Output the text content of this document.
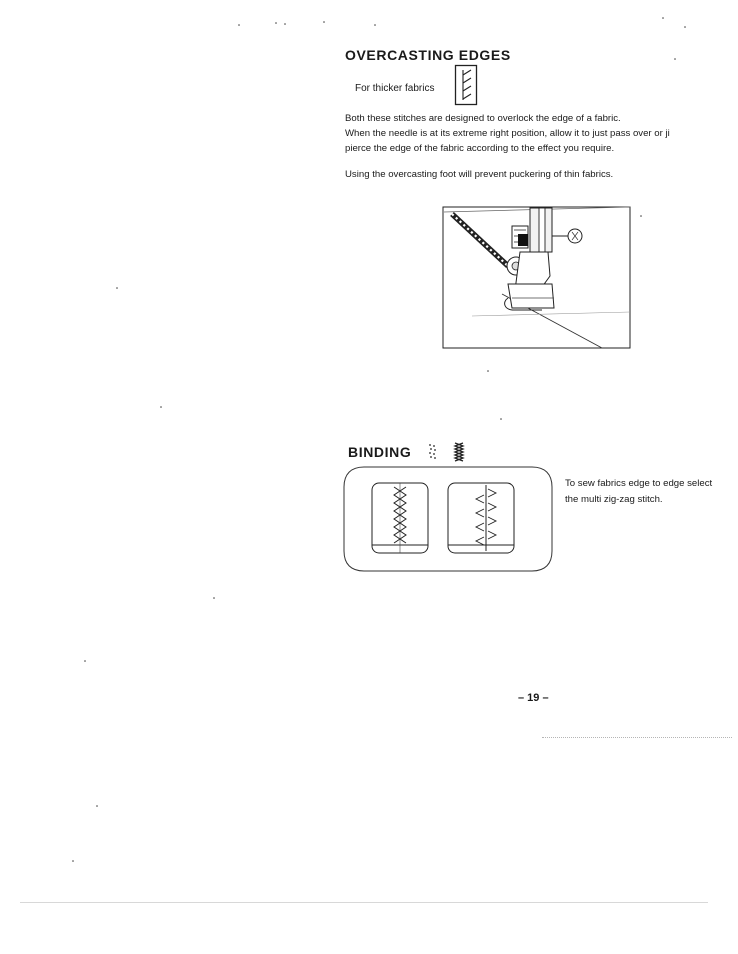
OVERCASTING EDGES
For thicker fabrics
Both these stitches are designed to overlock the edge of a fabric.
When the needle is at its extreme right position, allow it to just pass over or ji
pierce the edge of the fabric according to the effect you require.
Using the overcasting foot will prevent puckering of thin fabrics.
BINDING
To sew fabrics edge to edge select
the multi zig-zag stitch.
– 19 –
